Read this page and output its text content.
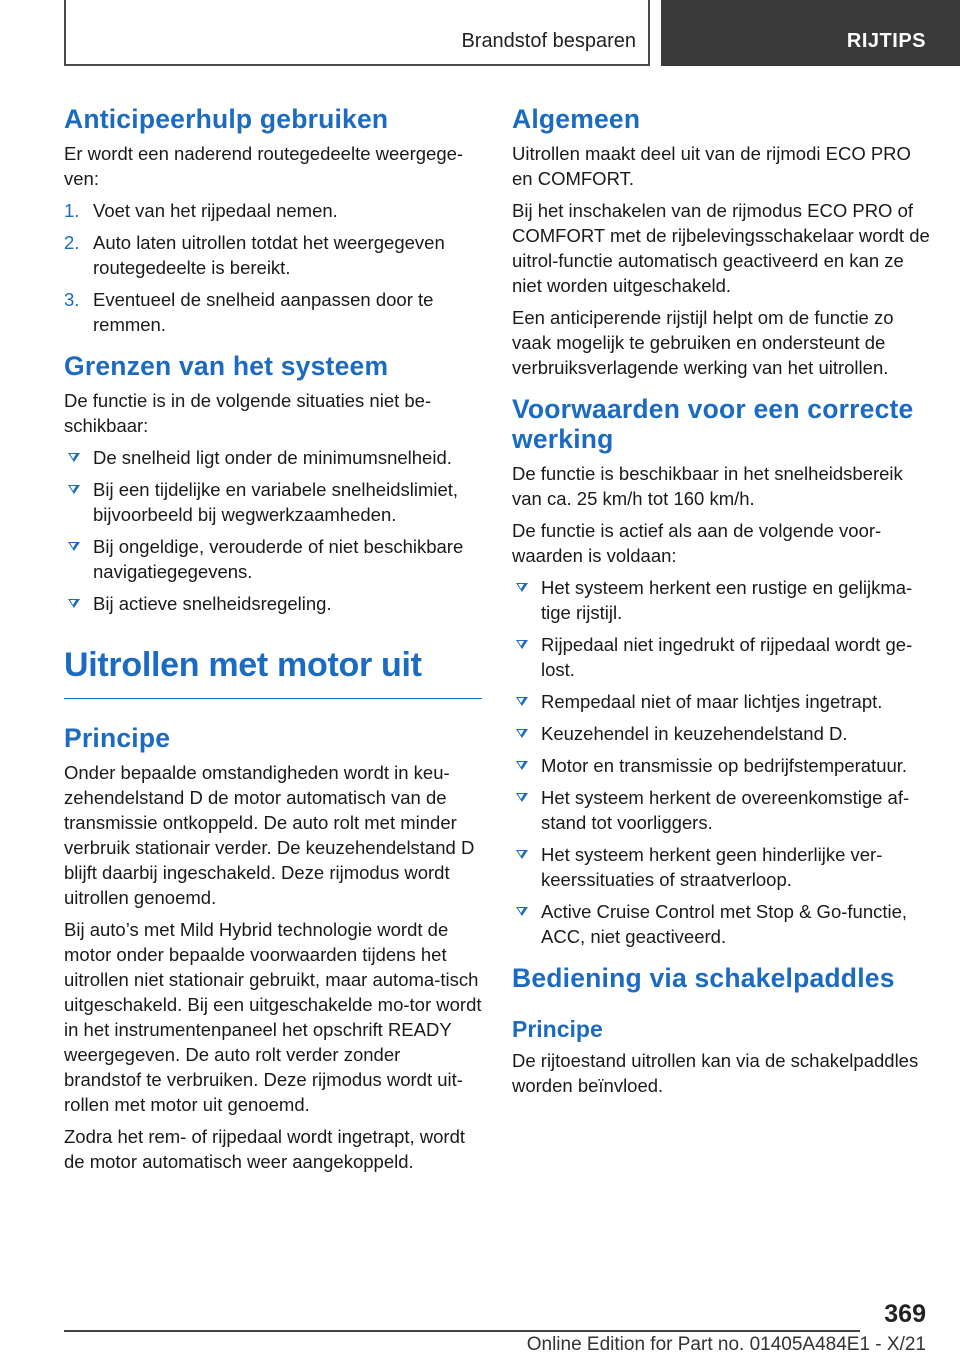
Brandstof besparen	RIJTIPS
Anticipeerhulp gebruiken

Er wordt een naderend routegedeelte weergege‐ven:

1. Voet van het rijpedaal nemen.
2. Auto laten uitrollen totdat het weergegeven routegedeelte is bereikt.
3. Eventueel de snelheid aanpassen door te remmen.
Grenzen van het systeem

De functie is in de volgende situaties niet be‐schikbaar:

De snelheid ligt onder de minimumsnelheid.
Bij een tijdelijke en variabele snelheidslimiet, bijvoorbeeld bij wegwerkzaamheden.
Bij ongeldige, verouderde of niet beschikbare navigatiegegevens.
Bij actieve snelheidsregeling.
Uitrollen met motor uit
Principe

Onder bepaalde omstandigheden wordt in keu‐zehendelstand D de motor automatisch van de transmissie ontkoppeld. De auto rolt met minder verbruik stationair verder. De keuzehendelstand D blijft daarbij ingeschakeld. Deze rijmodus wordt uitrollen genoemd.

Bij auto’s met Mild Hybrid technologie wordt de motor onder bepaalde voorwaarden tijdens het uitrollen niet stationair gebruikt, maar automa‐tisch uitgeschakeld. Bij een uitgeschakelde mo‐tor wordt in het instrumentenpaneel het opschrift READY weergegeven. De auto rolt verder zonder brandstof te verbruiken. Deze rijmodus wordt uit‐rollen met motor uit genoemd.

Zodra het rem- of rijpedaal wordt ingetrapt, wordt de motor automatisch weer aangekoppeld.

Algemeen

Uitrollen maakt deel uit van de rijmodi ECO PRO en COMFORT.

Bij het inschakelen van de rijmodus ECO PRO of COMFORT met de rijbelevingsschakelaar wordt de uitrol-functie automatisch geactiveerd en kan ze niet worden uitgeschakeld.

Een anticiperende rijstijl helpt om de functie zo vaak mogelijk te gebruiken en ondersteunt de verbruiksverlagende werking van het uitrollen.

Voorwaarden voor een correcte werking

De functie is beschikbaar in het snelheidsbereik van ca. 25 km/h tot 160 km/h.

De functie is actief als aan de volgende voor‐waarden is voldaan:

Het systeem herkent een rustige en gelijkma‐tige rijstijl.
Rijpedaal niet ingedrukt of rijpedaal wordt ge‐lost.
Rempedaal niet of maar lichtjes ingetrapt.
Keuzehendel in keuzehendelstand D.
Motor en transmissie op bedrijfstemperatuur.
Het systeem herkent de overeenkomstige af‐stand tot voorliggers.
Het systeem herkent geen hinderlijke ver‐keerssituaties of straatverloop.
Active Cruise Control met Stop & Go-functie, ACC, niet geactiveerd.
Bediening via schakelpaddles
Principe

De rijtoestand uitrollen kan via de schakelpaddles worden beïnvloed.

369
Online Edition for Part no. 01405A484E1 - X/21
